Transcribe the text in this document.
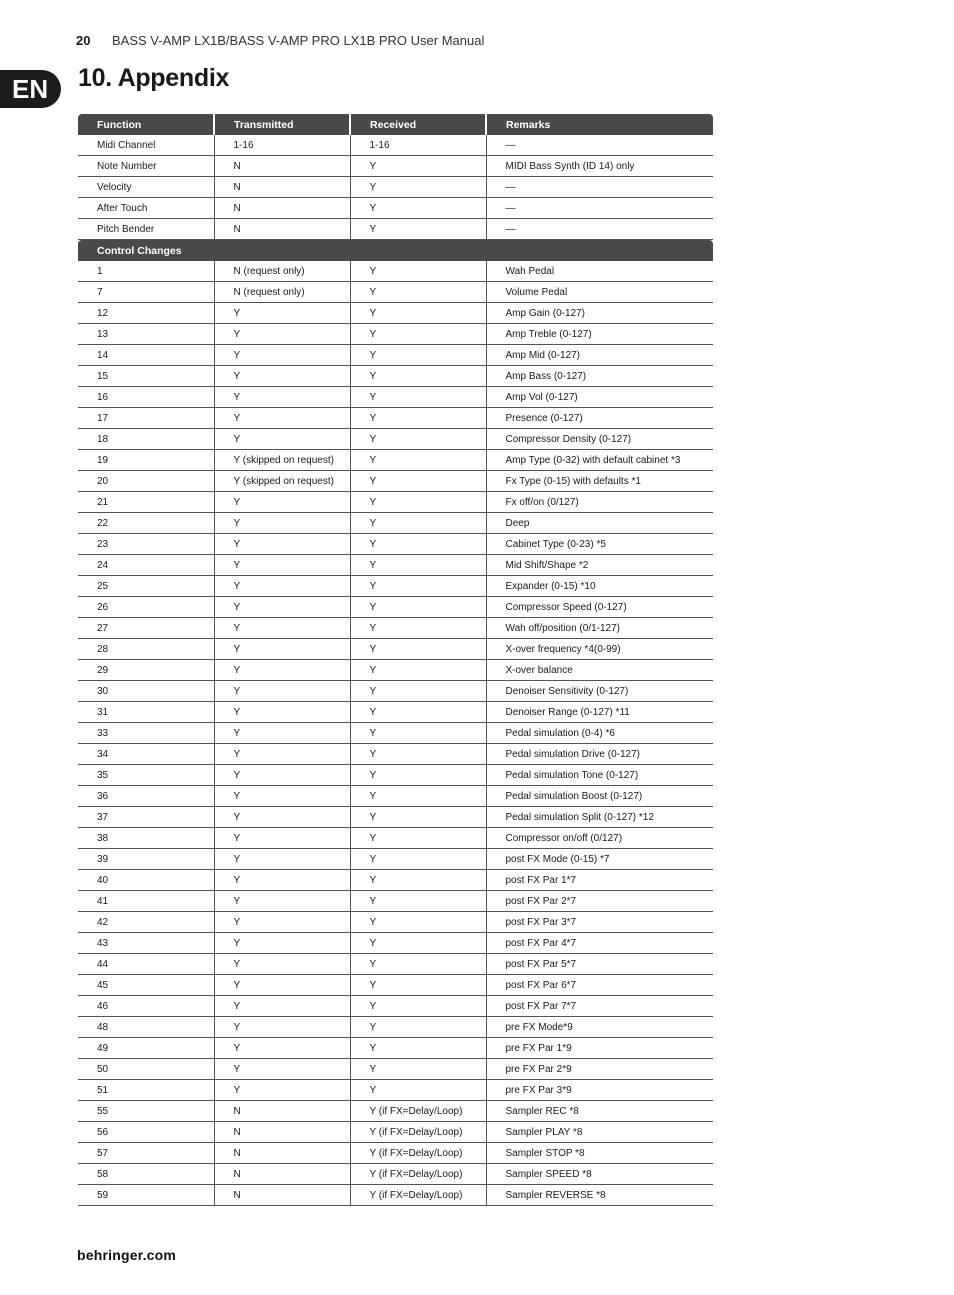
20 BASS V-AMP LX1B/BASS V-AMP PRO LX1B PRO User Manual
EN	10. Appendix
Function	Transmitted	Received	Remarks
Midi Channel	1-16	1-16	—
Note Number	N	Y	MIDI Bass Synth (ID 14) only
Velocity	N	Y	—
After Touch	N	Y	—
Pitch Bender	N	Y	—
Control Changes			
1	N (request only)	Y	Wah Pedal
7	N (request only)	Y	Volume Pedal
12	Y	Y	Amp Gain (0-127)
13	Y	Y	Amp Treble (0-127)
14	Y	Y	Amp Mid (0-127)
15	Y	Y	Amp Bass (0-127)
16	Y	Y	Amp Vol (0-127)
17	Y	Y	Presence (0-127)
18	Y	Y	Compressor Density (0-127)
19	Y (skipped on request)	Y	Amp Type (0-32) with default cabinet *3
20	Y (skipped on request)	Y	Fx Type (0-15) with defaults *1
21	Y	Y	Fx off/on (0/127)
22	Y	Y	Deep
23	Y	Y	Cabinet Type (0-23) *5
24	Y	Y	Mid Shift/Shape *2
25	Y	Y	Expander (0-15) *10
26	Y	Y	Compressor Speed (0-127)
27	Y	Y	Wah off/position (0/1-127)
28	Y	Y	X-over frequency *4(0-99)
29	Y	Y	X-over balance
30	Y	Y	Denoiser Sensitivity (0-127)
31	Y	Y	Denoiser Range (0-127) *11
33	Y	Y	Pedal simulation (0-4) *6
34	Y	Y	Pedal simulation Drive (0-127)
35	Y	Y	Pedal simulation Tone (0-127)
36	Y	Y	Pedal simulation Boost (0-127)
37	Y	Y	Pedal simulation Split (0-127) *12
38	Y	Y	Compressor on/off (0/127)
39	Y	Y	post FX Mode (0-15) *7
40	Y	Y	post FX Par 1*7
41	Y	Y	post FX Par 2*7
42	Y	Y	post FX Par 3*7
43	Y	Y	post FX Par 4*7
44	Y	Y	post FX Par 5*7
45	Y	Y	post FX Par 6*7
46	Y	Y	post FX Par 7*7
48	Y	Y	pre FX Mode*9
49	Y	Y	pre FX Par 1*9
50	Y	Y	pre FX Par 2*9
51	Y	Y	pre FX Par 3*9
55	N	Y (if FX=Delay/Loop)	Sampler REC *8
56	N	Y (if FX=Delay/Loop)	Sampler PLAY *8
57	N	Y (if FX=Delay/Loop)	Sampler STOP *8
58	N	Y (if FX=Delay/Loop)	Sampler SPEED *8
59	N	Y (if FX=Delay/Loop)	Sampler REVERSE *8
behringer.com
